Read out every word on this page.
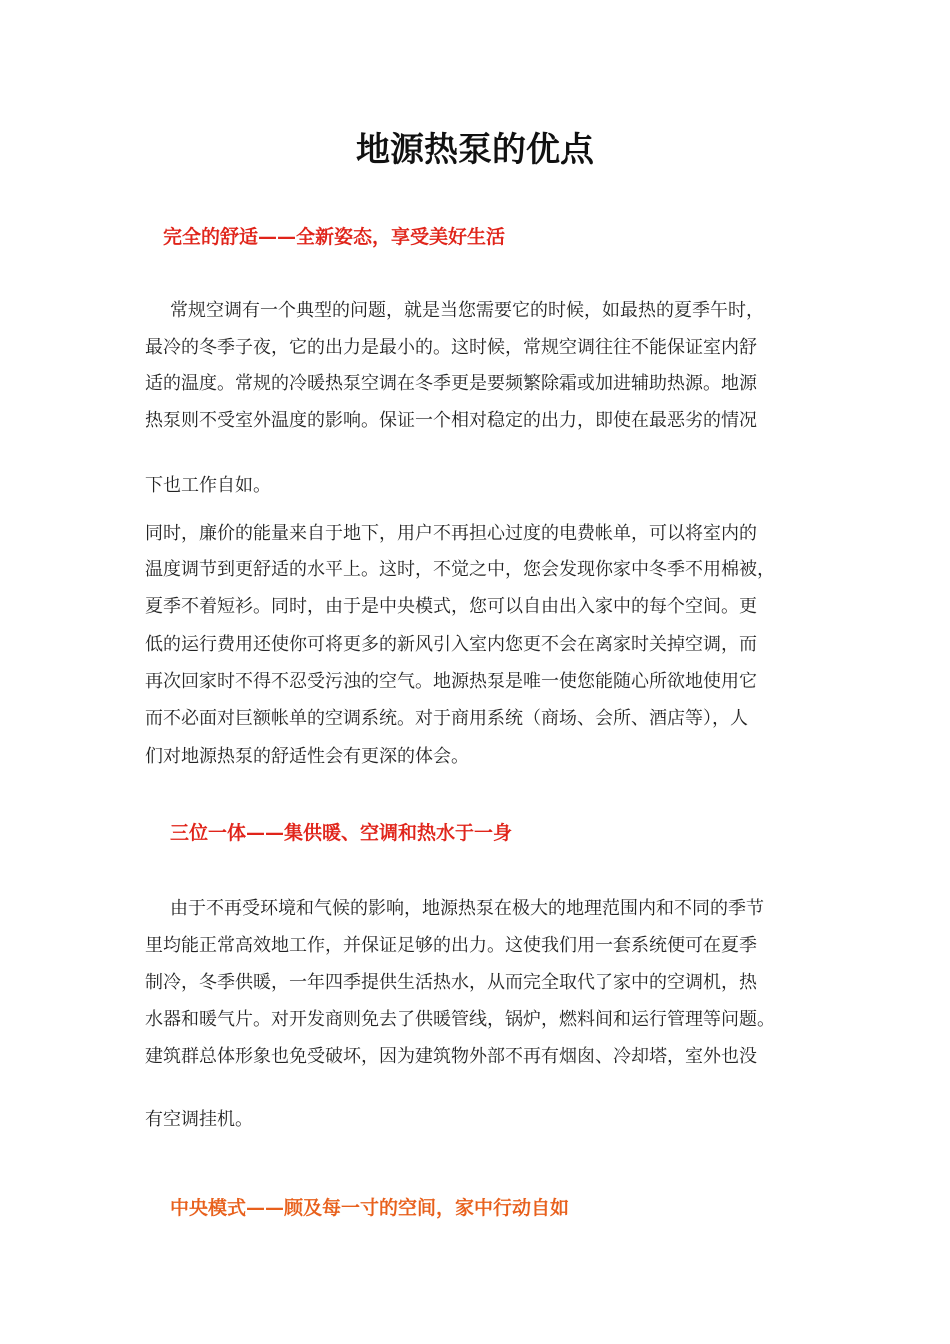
地源热泵的优点
完全的舒适——全新姿态，享受美好生活

常规空调有一个典型的问题，就是当您需要它的时候，如最热的夏季午时，

最冷的冬季子夜，它的出力是最小的。这时候，常规空调往往不能保证室内舒

适的温度。常规的冷暖热泵空调在冬季更是要频繁除霜或加进辅助热源。地源

热泵则不受室外温度的影响。保证一个相对稳定的出力，即使在最恶劣的情况

下也工作自如。

同时，廉价的能量来自于地下，用户不再担心过度的电费帐单，可以将室内的

温度调节到更舒适的水平上。这时，不觉之中，您会发现你家中冬季不用棉被，

夏季不着短衫。同时，由于是中央模式，您可以自由出入家中的每个空间。更

低的运行费用还使你可将更多的新风引入室内您更不会在离家时关掉空调，而

再次回家时不得不忍受污浊的空气。地源热泵是唯一使您能随心所欲地使用它

而不必面对巨额帐单的空调系统。对于商用系统（商场、会所、酒店等），人

们对地源热泵的舒适性会有更深的体会。

三位一体——集供暖、空调和热水于一身

由于不再受环境和气候的影响，地源热泵在极大的地理范围内和不同的季节

里均能正常高效地工作，并保证足够的出力。这使我们用一套系统便可在夏季

制冷，冬季供暖，一年四季提供生活热水，从而完全取代了家中的空调机，热

水器和暖气片。对开发商则免去了供暖管线，锅炉，燃料间和运行管理等问题。

建筑群总体形象也免受破坏，因为建筑物外部不再有烟囱、冷却塔，室外也没

有空调挂机。

中央模式——顾及每一寸的空间，家中行动自如
